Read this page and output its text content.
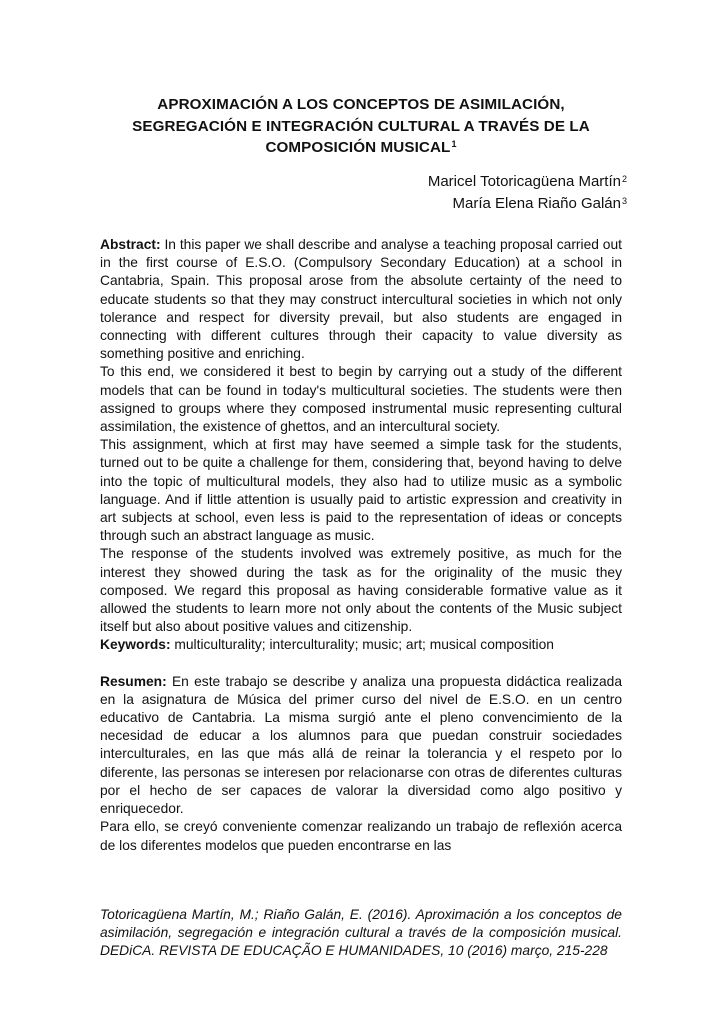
APROXIMACIÓN A LOS CONCEPTOS DE ASIMILACIÓN,
SEGREGACIÓN E INTEGRACIÓN CULTURAL A TRAVÉS DE LA
COMPOSICIÓN MUSICAL$^1$
Maricel Totoricagüena Martín$^2$
María Elena Riaño Galán$^3$

Abstract: In this paper we shall describe and analyse a teaching proposal carried out in the first course of E.S.O. (Compulsory Secondary Education) at a school in Cantabria, Spain. This proposal arose from the absolute certainty of the need to educate students so that they may construct intercultural societies in which not only tolerance and respect for diversity prevail, but also students are engaged in connecting with different cultures through their capacity to value diversity as something positive and enriching.

To this end, we considered it best to begin by carrying out a study of the different models that can be found in today's multicultural societies. The students were then assigned to groups where they composed instrumental music representing cultural assimilation, the existence of ghettos, and an intercultural society.

This assignment, which at first may have seemed a simple task for the students, turned out to be quite a challenge for them, considering that, beyond having to delve into the topic of multicultural models, they also had to utilize music as a symbolic language. And if little attention is usually paid to artistic expression and creativity in art subjects at school, even less is paid to the representation of ideas or concepts through such an abstract language as music.

The response of the students involved was extremely positive, as much for the interest they showed during the task as for the originality of the music they composed. We regard this proposal as having considerable formative value as it allowed the students to learn more not only about the contents of the Music subject itself but also about positive values and citizenship.

Keywords: multiculturality; interculturality; music; art; musical composition

Resumen: En este trabajo se describe y analiza una propuesta didáctica realizada en la asignatura de Música del primer curso del nivel de E.S.O. en un centro educativo de Cantabria. La misma surgió ante el pleno convencimiento de la necesidad de educar a los alumnos para que puedan construir sociedades interculturales, en las que más allá de reinar la tolerancia y el respeto por lo diferente, las personas se interesen por relacionarse con otras de diferentes culturas por el hecho de ser capaces de valorar la diversidad como algo positivo y enriquecedor.

Para ello, se creyó conveniente comenzar realizando un trabajo de reflexión acerca de los diferentes modelos que pueden encontrarse en las

Totoricagüena Martín, M.; Riaño Galán, E. (2016). Aproximación a los conceptos de asimilación, segregación e integración cultural a través de la composición musical. DEDiCA. REVISTA DE EDUCAÇÃO E HUMANIDADES, 10 (2016) março, 215-228
